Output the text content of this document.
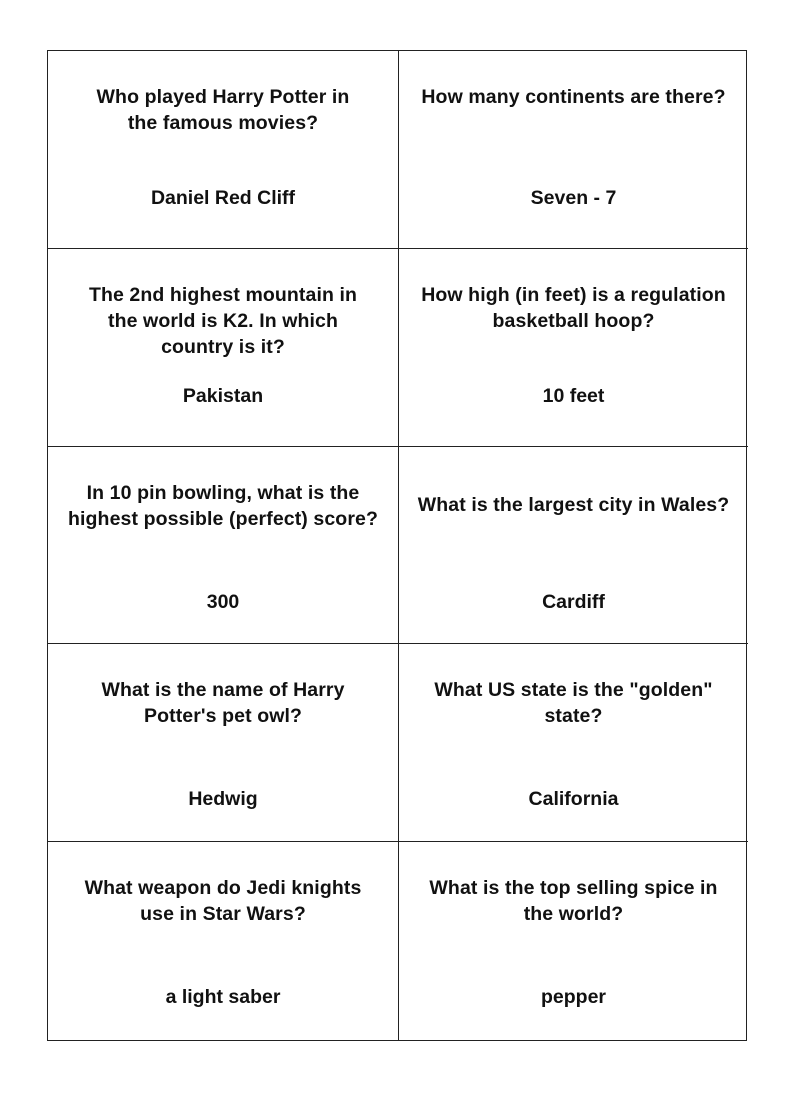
Who played Harry Potter in the famous movies?
Daniel Red Cliff
How many continents are there?
Seven - 7
The 2nd highest mountain in the world is K2. In which country is it?
Pakistan
How high (in feet) is a regulation basketball hoop?
10 feet
In 10 pin bowling, what is the highest possible (perfect) score?
300
What is the largest city in Wales?
Cardiff
What is the name of Harry Potter's pet owl?
Hedwig
What US state is the "golden" state?
California
What weapon do Jedi knights use in Star Wars?
a light saber
What is the top selling spice in the world?
pepper
